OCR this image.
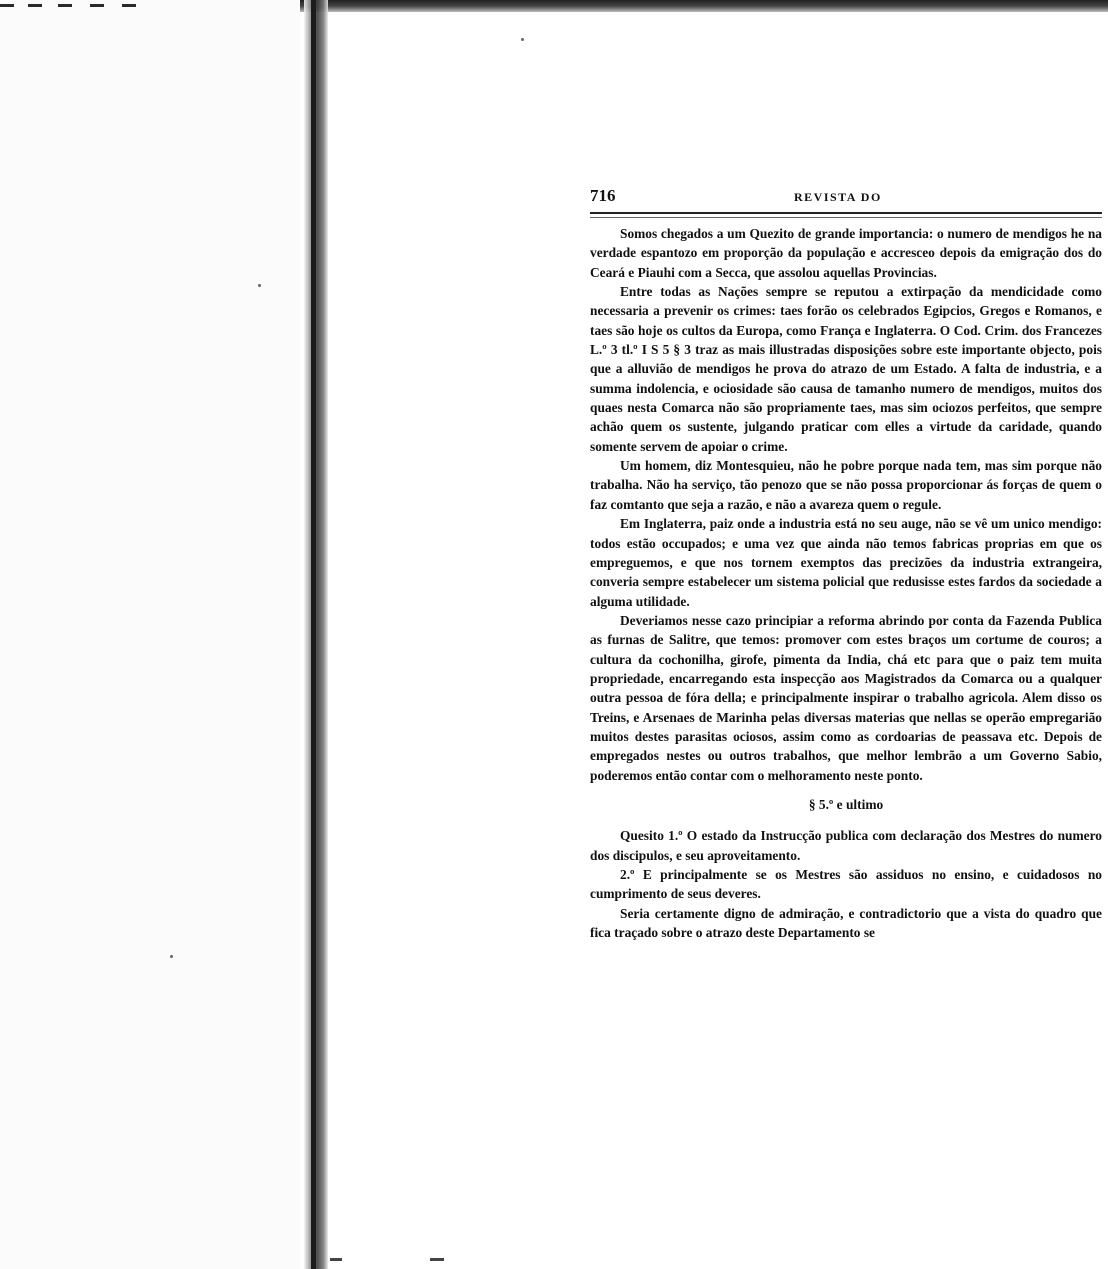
716	REVISTA DO

Somos chegados a um Quezito de grande importancia: o numero de mendigos he na verdade espantozo em proporção da população e accresceo depois da emigração dos do Ceará e Piauhi com a Secca, que assolou aquellas Provincias.

Entre todas as Nações sempre se reputou a extirpação da mendicidade como necessaria a prevenir os crimes: taes forão os celebrados Egipcios, Gregos e Romanos, e taes são hoje os cultos da Europa, como França e Inglaterra. O Cod. Crim. dos Francezes L.º 3 tl.º I S 5 § 3 traz as mais illustradas disposições sobre este importante objecto, pois que a alluvião de mendigos he prova do atrazo de um Estado. A falta de industria, e a summa indolencia, e ociosidade são causa de tamanho numero de mendigos, muitos dos quaes nesta Comarca não são propriamente taes, mas sim ociozos perfeitos, que sempre achão quem os sustente, julgando praticar com elles a virtude da caridade, quando somente servem de apoiar o crime.

Um homem, diz Montesquieu, não he pobre porque nada tem, mas sim porque não trabalha. Não ha serviço, tão penozo que se não possa proporcionar ás forças de quem o faz comtanto que seja a razão, e não a avareza quem o regule.

Em Inglaterra, paiz onde a industria está no seu auge, não se vê um unico mendigo: todos estão occupados; e uma vez que ainda não temos fabricas proprias em que os empreguemos, e que nos tornem exemptos das precizões da industria extrangeira, converia sempre estabelecer um sistema policial que redusisse estes fardos da sociedade a alguma utilidade.

Deveriamos nesse cazo principiar a reforma abrindo por conta da Fazenda Publica as furnas de Salitre, que temos: promover com estes braços um cortume de couros; a cultura da cochonilha, girofe, pimenta da India, chá etc para que o paiz tem muita propriedade, encarregando esta inspecção aos Magistrados da Comarca ou a qualquer outra pessoa de fóra della; e principalmente inspirar o trabalho agricola. Alem disso os Treins, e Arsenaes de Marinha pelas diversas materias que nellas se operão empregarião muitos destes parasitas ociosos, assim como as cordoarias de peassava etc. Depois de empregados nestes ou outros trabalhos, que melhor lembrão a um Governo Sabio, poderemos então contar com o melhoramento neste ponto.

§ 5.º e ultimo

Quesito 1.º O estado da Instrucção publica com declaração dos Mestres do numero dos discipulos, e seu aproveitamento.

2.º E principalmente se os Mestres são assiduos no ensino, e cuidadosos no cumprimento de seus deveres.

Seria certamente digno de admiração, e contradictorio que a vista do quadro que fica traçado sobre o atrazo deste Departamento se
